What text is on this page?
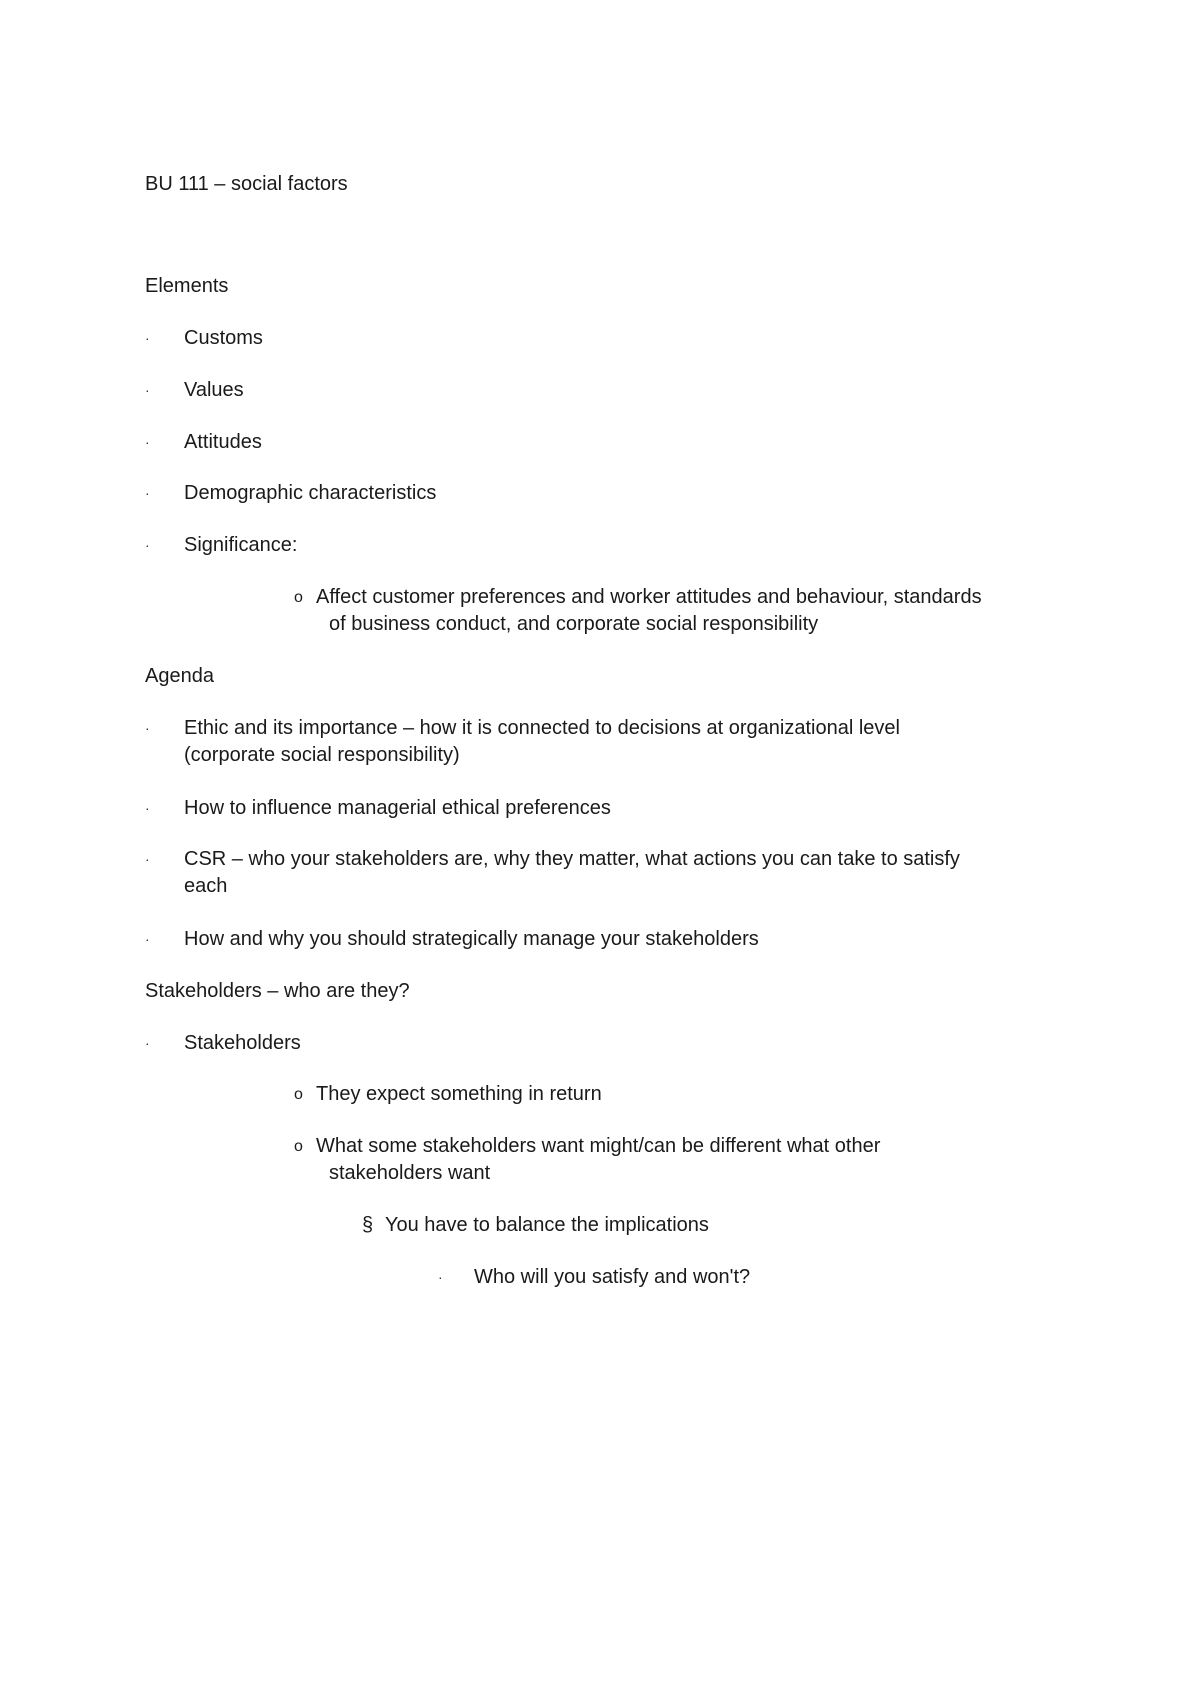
BU 111 – social factors
Elements
· Customs
· Values
· Attitudes
· Demographic characteristics
· Significance:
o Affect customer preferences and worker attitudes and behaviour, standards
of business conduct, and corporate social responsibility
Agenda
· Ethic and its importance – how it is connected to decisions at organizational level
(corporate social responsibility)
· How to influence managerial ethical preferences
· CSR – who your stakeholders are, why they matter, what actions you can take to satisfy
each
· How and why you should strategically manage your stakeholders
Stakeholders – who are they?
· Stakeholders
o They expect something in return
o What some stakeholders want might/can be different what other
stakeholders want
§ You have to balance the implications
· Who will you satisfy and won't?
